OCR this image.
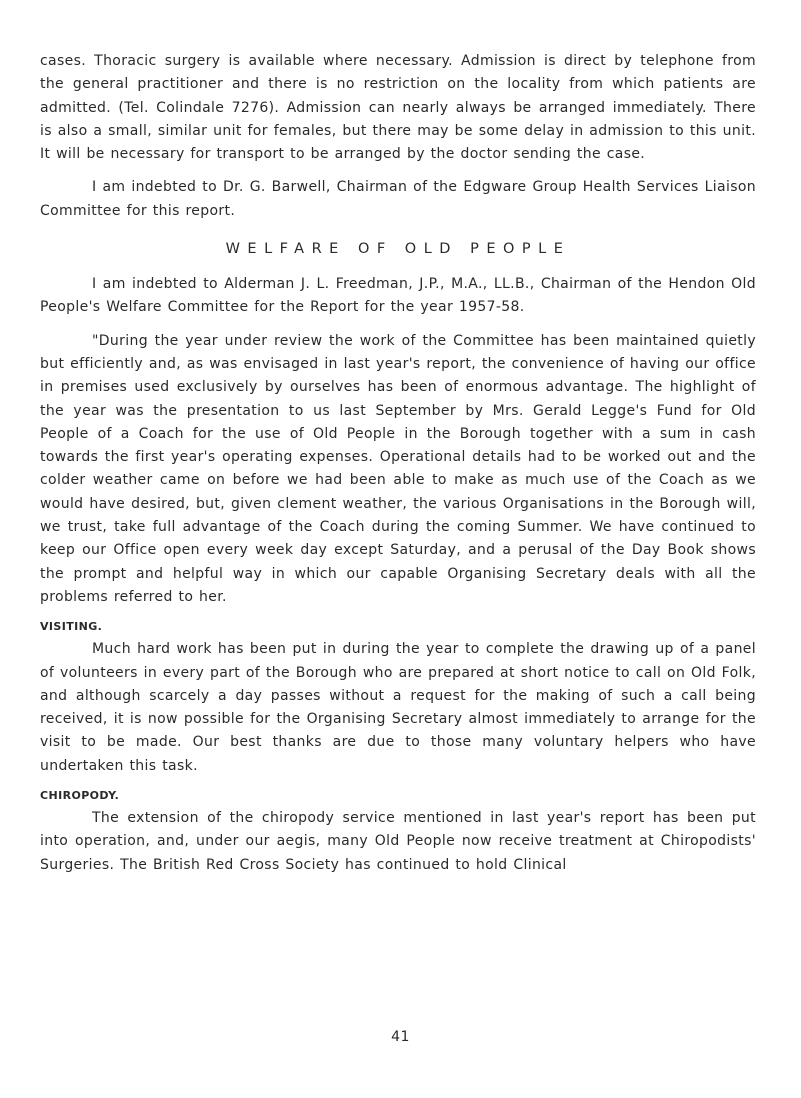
cases. Thoracic surgery is available where necessary. Admission is direct by telephone from the general practitioner and there is no restriction on the locality from which patients are admitted. (Tel. Colindale 7276). Admission can nearly always be arranged immediately. There is also a small, similar unit for females, but there may be some delay in admission to this unit. It will be necessary for transport to be arranged by the doctor sending the case.

I am indebted to Dr. G. Barwell, Chairman of the Edgware Group Health Services Liaison Committee for this report.

WELFARE OF OLD PEOPLE

I am indebted to Alderman J. L. Freedman, J.P., M.A., LL.B., Chairman of the Hendon Old People's Welfare Committee for the Report for the year 1957-58.

"During the year under review the work of the Committee has been maintained quietly but efficiently and, as was envisaged in last year's report, the convenience of having our office in premises used exclusively by ourselves has been of enormous advantage. The highlight of the year was the presentation to us last September by Mrs. Gerald Legge's Fund for Old People of a Coach for the use of Old People in the Borough together with a sum in cash towards the first year's operating expenses. Operational details had to be worked out and the colder weather came on before we had been able to make as much use of the Coach as we would have desired, but, given clement weather, the various Organisations in the Borough will, we trust, take full advantage of the Coach during the coming Summer. We have continued to keep our Office open every week day except Saturday, and a perusal of the Day Book shows the prompt and helpful way in which our capable Organising Secretary deals with all the problems referred to her.

VISITING.

Much hard work has been put in during the year to complete the drawing up of a panel of volunteers in every part of the Borough who are prepared at short notice to call on Old Folk, and although scarcely a day passes without a request for the making of such a call being received, it is now possible for the Organising Secretary almost immediately to arrange for the visit to be made. Our best thanks are due to those many voluntary helpers who have undertaken this task.

CHIROPODY.

The extension of the chiropody service mentioned in last year's report has been put into operation, and, under our aegis, many Old People now receive treatment at Chiropodists' Surgeries. The British Red Cross Society has continued to hold Clinical

41
